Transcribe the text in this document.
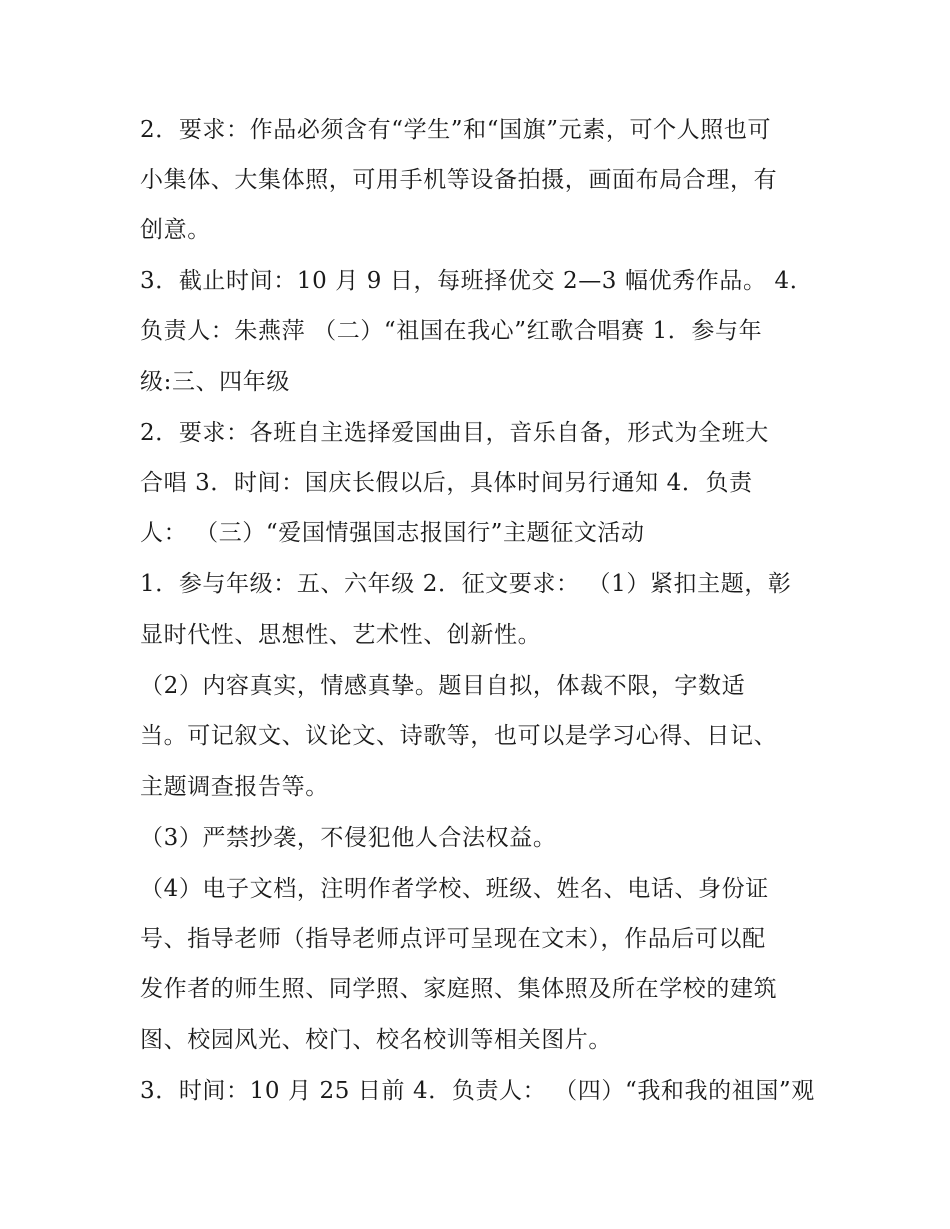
2．要求：作品必须含有“学生”和“国旗”元素，可个人照也可
小集体、大集体照，可用手机等设备拍摄，画面布局合理，有
创意。
3．截止时间：10 月 9 日，每班择优交 2—3 幅优秀作品。 4．
负责人：朱燕萍 （二）“祖国在我心”红歌合唱赛 1．参与年
级:三、四年级
2．要求：各班自主选择爱国曲目，音乐自备，形式为全班大
合唱 3．时间：国庆长假以后，具体时间另行通知 4．负责
人： （三）“爱国情强国志报国行”主题征文活动
1．参与年级：五、六年级 2．征文要求： （1）紧扣主题，彰
显时代性、思想性、艺术性、创新性。
（2）内容真实，情感真挚。题目自拟，体裁不限，字数适
当。可记叙文、议论文、诗歌等，也可以是学习心得、日记、
主题调查报告等。
（3）严禁抄袭，不侵犯他人合法权益。
（4）电子文档，注明作者学校、班级、姓名、电话、身份证
号、指导老师（指导老师点评可呈现在文末），作品后可以配
发作者的师生照、同学照、家庭照、集体照及所在学校的建筑
图、校园风光、校门、校名校训等相关图片。
3．时间：10 月 25 日前 4．负责人： （四）“我和我的祖国”观
